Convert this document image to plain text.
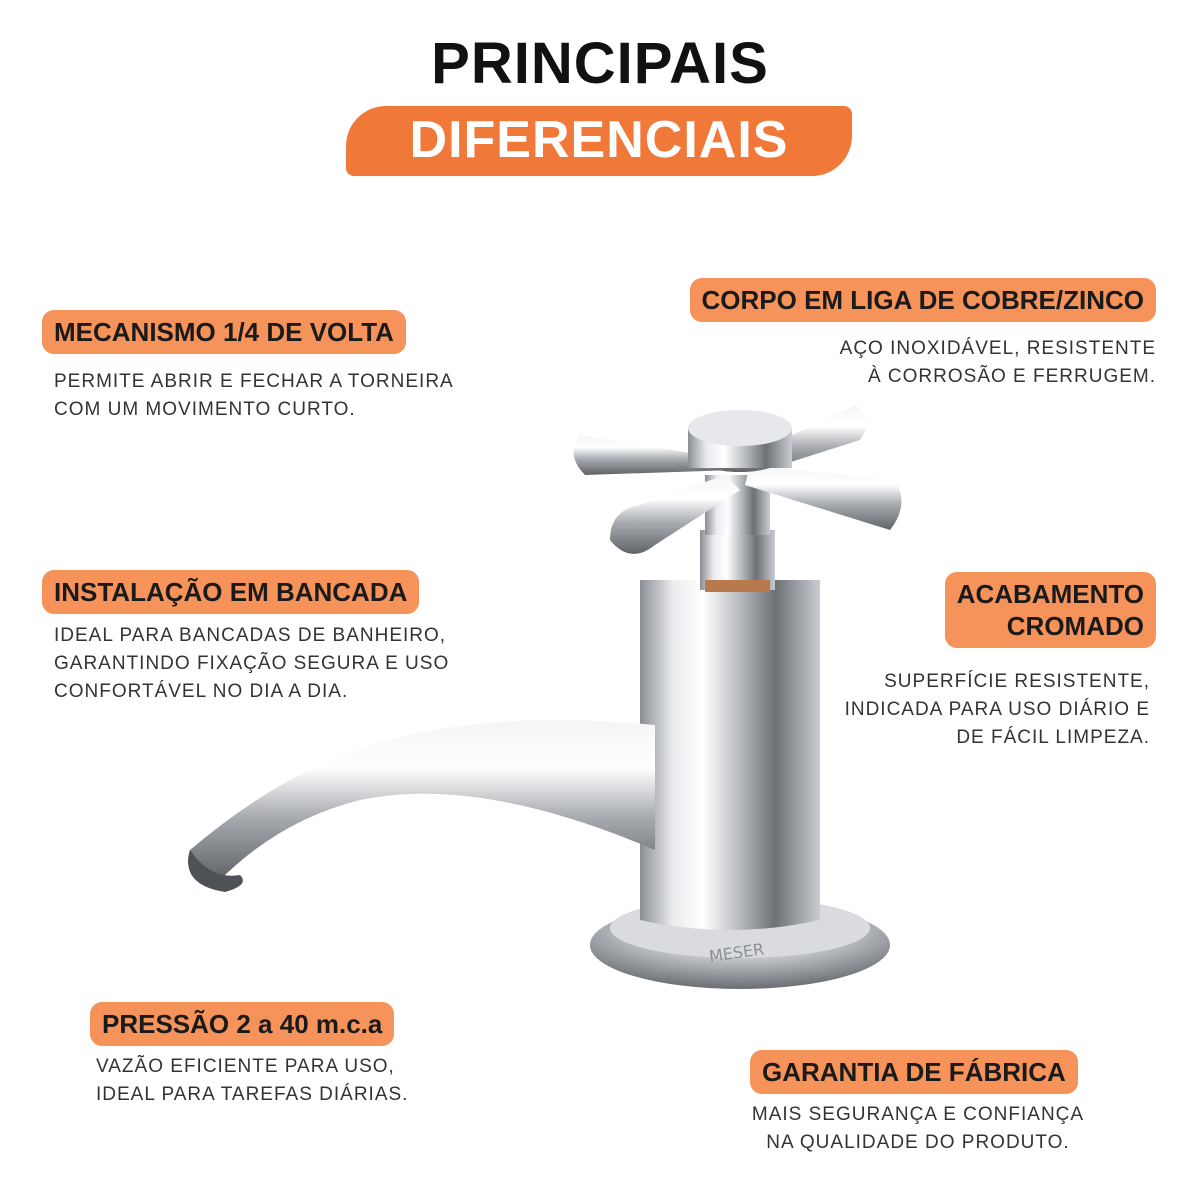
PRINCIPAIS
DIFERENCIAIS
MESER
MECANISMO 1/4 DE VOLTA
PERMITE ABRIR E FECHAR A TORNEIRA
COM UM MOVIMENTO CURTO.
CORPO EM LIGA DE COBRE/ZINCO
AÇO INOXIDÁVEL, RESISTENTE
À CORROSÃO E FERRUGEM.
INSTALAÇÃO EM BANCADA
IDEAL PARA BANCADAS DE BANHEIRO,
GARANTINDO FIXAÇÃO SEGURA E USO
CONFORTÁVEL NO DIA A DIA.
ACABAMENTO
CROMADO
SUPERFÍCIE RESISTENTE,
INDICADA PARA USO DIÁRIO E
DE FÁCIL LIMPEZA.
PRESSÃO 2 a 40 m.c.a
VAZÃO EFICIENTE PARA USO,
IDEAL PARA TAREFAS DIÁRIAS.
GARANTIA DE FÁBRICA
MAIS SEGURANÇA E CONFIANÇA
NA QUALIDADE DO PRODUTO.
